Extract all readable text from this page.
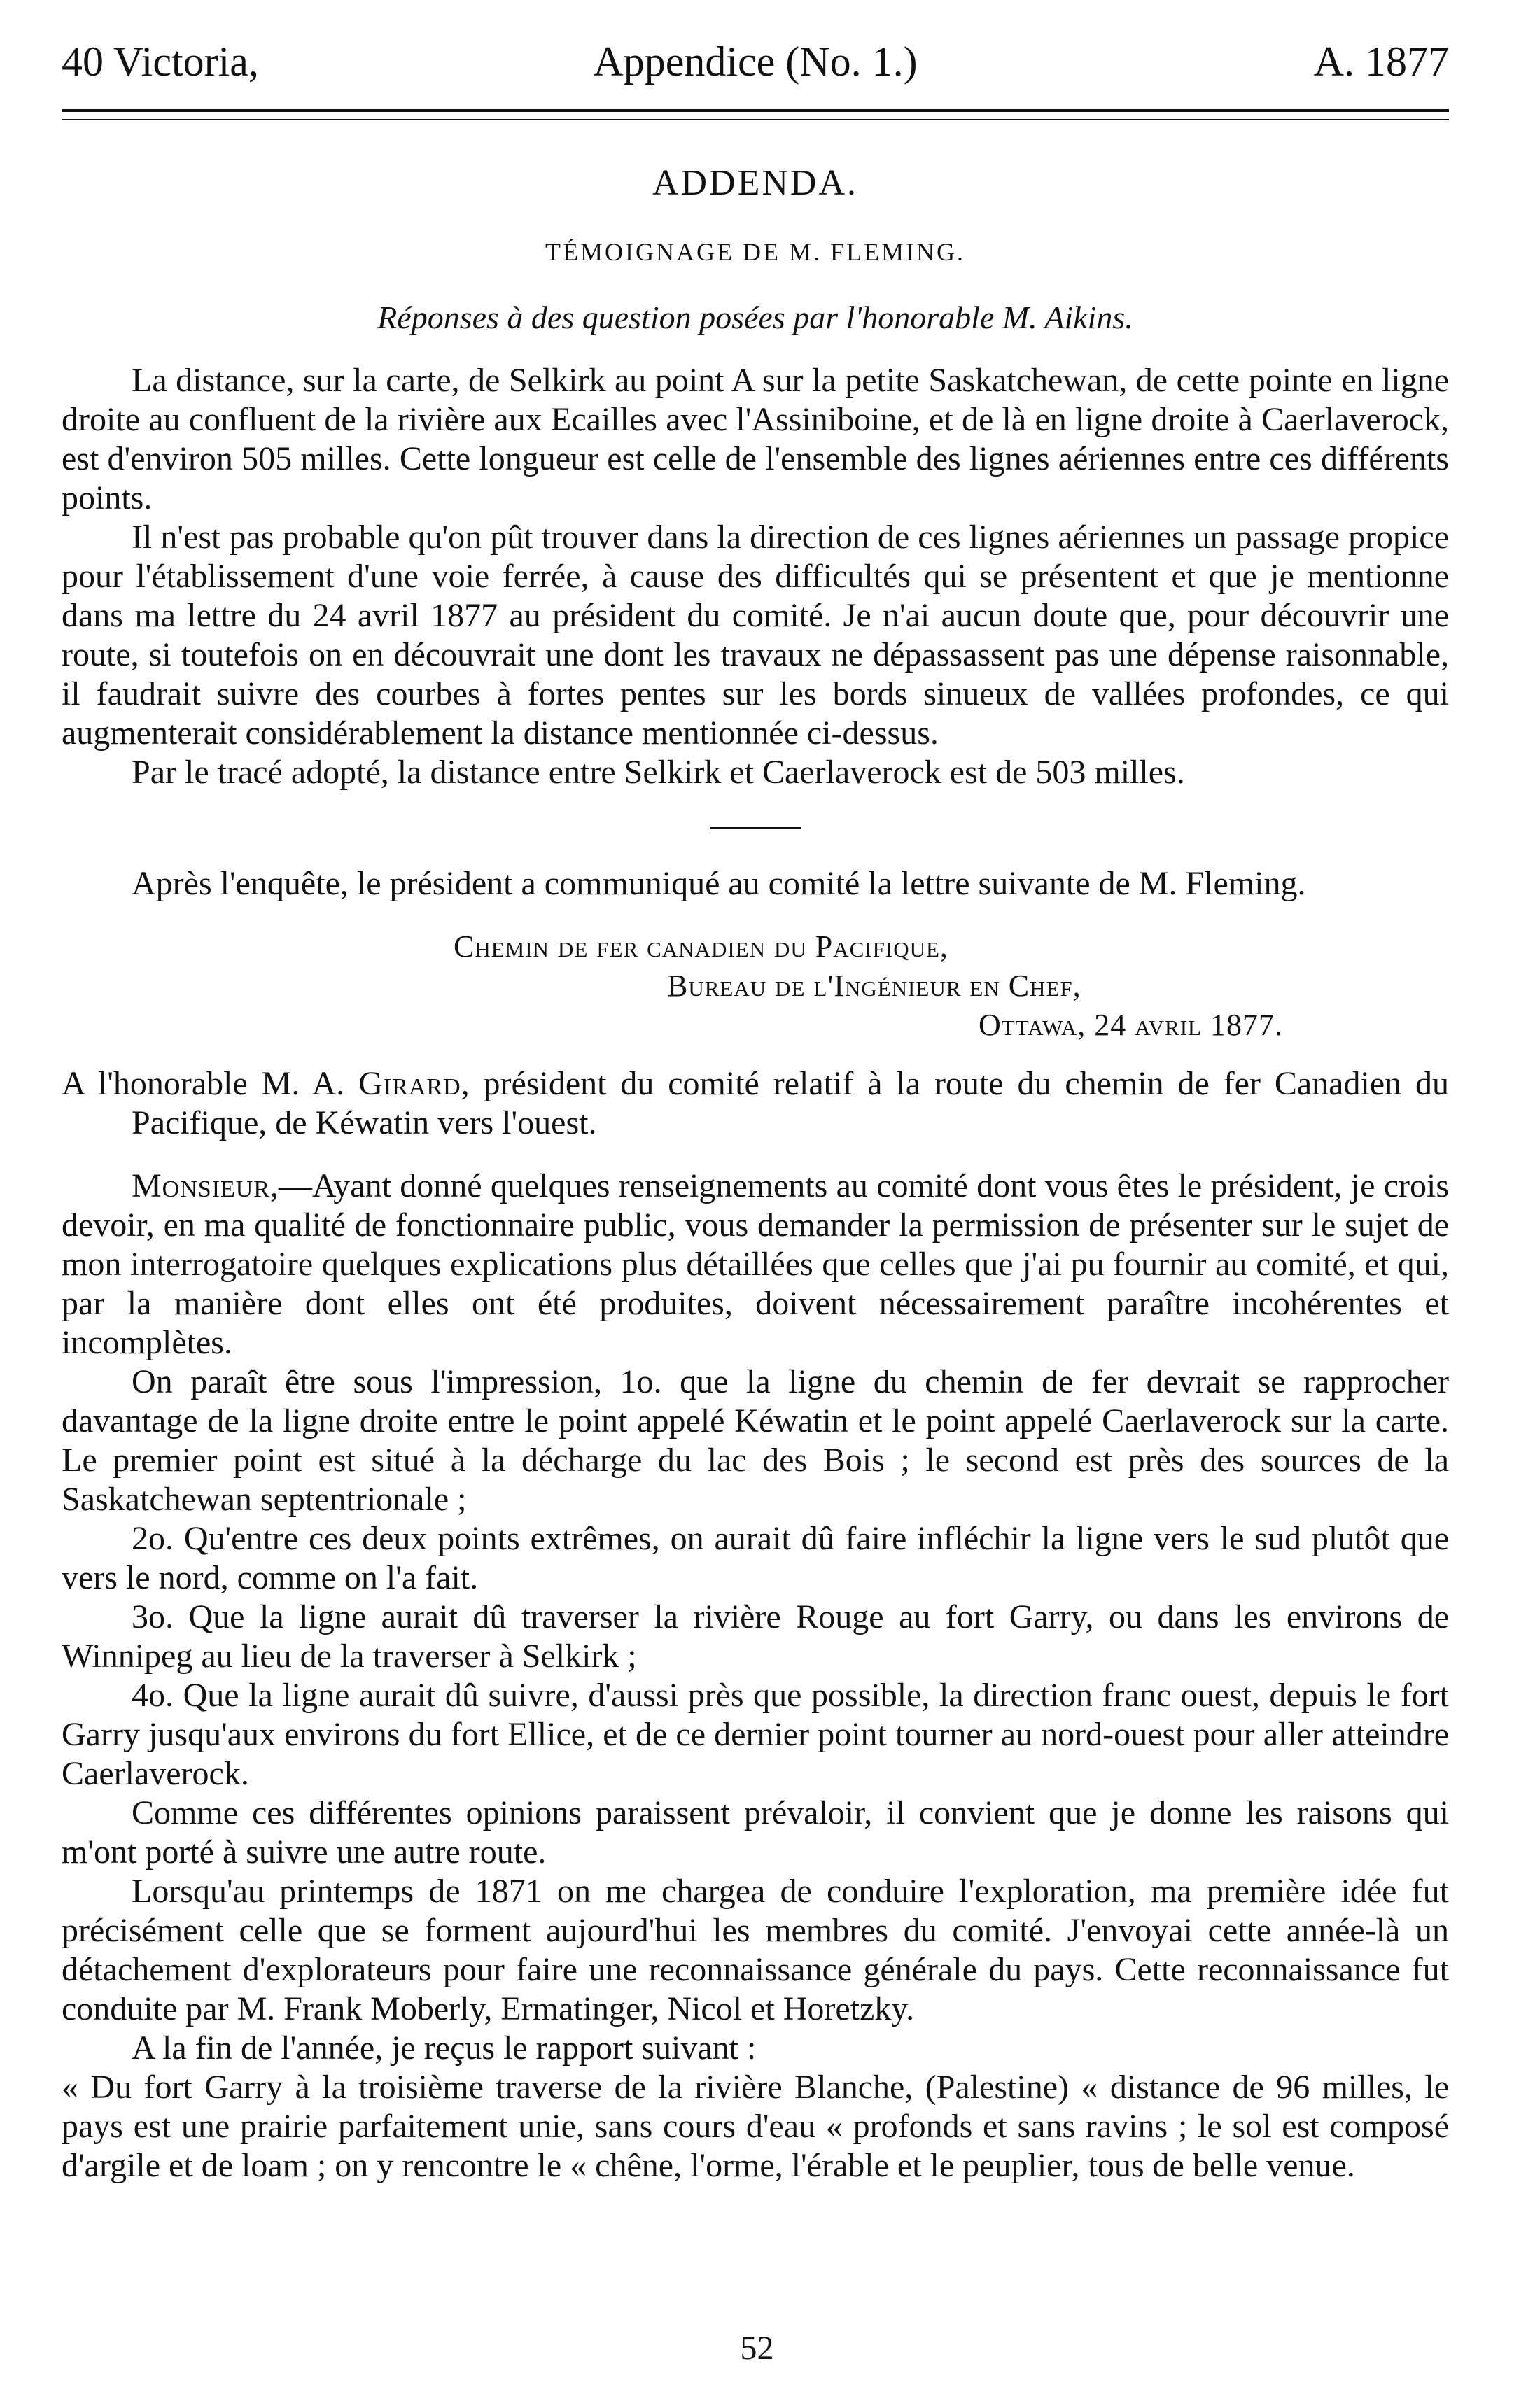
40 Victoria,	Appendice (No. 1.)	A. 1877
ADDENDA.
TÉMOIGNAGE DE M. FLEMING.
Réponses à des question posées par l'honorable M. Aikins.

La distance, sur la carte, de Selkirk au point A sur la petite Saskatchewan, de cette pointe en ligne droite au confluent de la rivière aux Ecailles avec l'Assiniboine, et de là en ligne droite à Caerlaverock, est d'environ 505 milles. Cette longueur est celle de l'ensemble des lignes aériennes entre ces différents points.

Il n'est pas probable qu'on pût trouver dans la direction de ces lignes aériennes un passage propice pour l'établissement d'une voie ferrée, à cause des difficultés qui se présentent et que je mentionne dans ma lettre du 24 avril 1877 au président du comité. Je n'ai aucun doute que, pour découvrir une route, si toutefois on en découvrait une dont les travaux ne dépassassent pas une dépense raisonnable, il faudrait suivre des courbes à fortes pentes sur les bords sinueux de vallées profondes, ce qui augmenterait considérablement la distance mentionnée ci-dessus.

Par le tracé adopté, la distance entre Selkirk et Caerlaverock est de 503 milles.

Après l'enquête, le président a communiqué au comité la lettre suivante de M. Fleming.

Chemin de fer canadien du Pacifique,
Bureau de l'Ingénieur en Chef,
Ottawa, 24 avril 1877.

A l'honorable M. A. Girard, président du comité relatif à la route du chemin de fer Canadien du Pacifique, de Kéwatin vers l'ouest.

Monsieur,—Ayant donné quelques renseignements au comité dont vous êtes le président, je crois devoir, en ma qualité de fonctionnaire public, vous demander la permission de présenter sur le sujet de mon interrogatoire quelques explications plus détaillées que celles que j'ai pu fournir au comité, et qui, par la manière dont elles ont été produites, doivent nécessairement paraître incohérentes et incomplètes.

On paraît être sous l'impression, 1o. que la ligne du chemin de fer devrait se rapprocher davantage de la ligne droite entre le point appelé Kéwatin et le point appelé Caerlaverock sur la carte. Le premier point est situé à la décharge du lac des Bois ; le second est près des sources de la Saskatchewan septentrionale ;

2o. Qu'entre ces deux points extrêmes, on aurait dû faire infléchir la ligne vers le sud plutôt que vers le nord, comme on l'a fait.

3o. Que la ligne aurait dû traverser la rivière Rouge au fort Garry, ou dans les environs de Winnipeg au lieu de la traverser à Selkirk ;

4o. Que la ligne aurait dû suivre, d'aussi près que possible, la direction franc ouest, depuis le fort Garry jusqu'aux environs du fort Ellice, et de ce dernier point tourner au nord-ouest pour aller atteindre Caerlaverock.

Comme ces différentes opinions paraissent prévaloir, il convient que je donne les raisons qui m'ont porté à suivre une autre route.

Lorsqu'au printemps de 1871 on me chargea de conduire l'exploration, ma première idée fut précisément celle que se forment aujourd'hui les membres du comité. J'envoyai cette année-là un détachement d'explorateurs pour faire une reconnaissance générale du pays. Cette reconnaissance fut conduite par M. Frank Moberly, Ermatinger, Nicol et Horetzky.

A la fin de l'année, je reçus le rapport suivant :

« Du fort Garry à la troisième traverse de la rivière Blanche, (Palestine) « distance de 96 milles, le pays est une prairie parfaitement unie, sans cours d'eau « profonds et sans ravins ; le sol est composé d'argile et de loam ; on y rencontre le « chêne, l'orme, l'érable et le peuplier, tous de belle venue.

52
